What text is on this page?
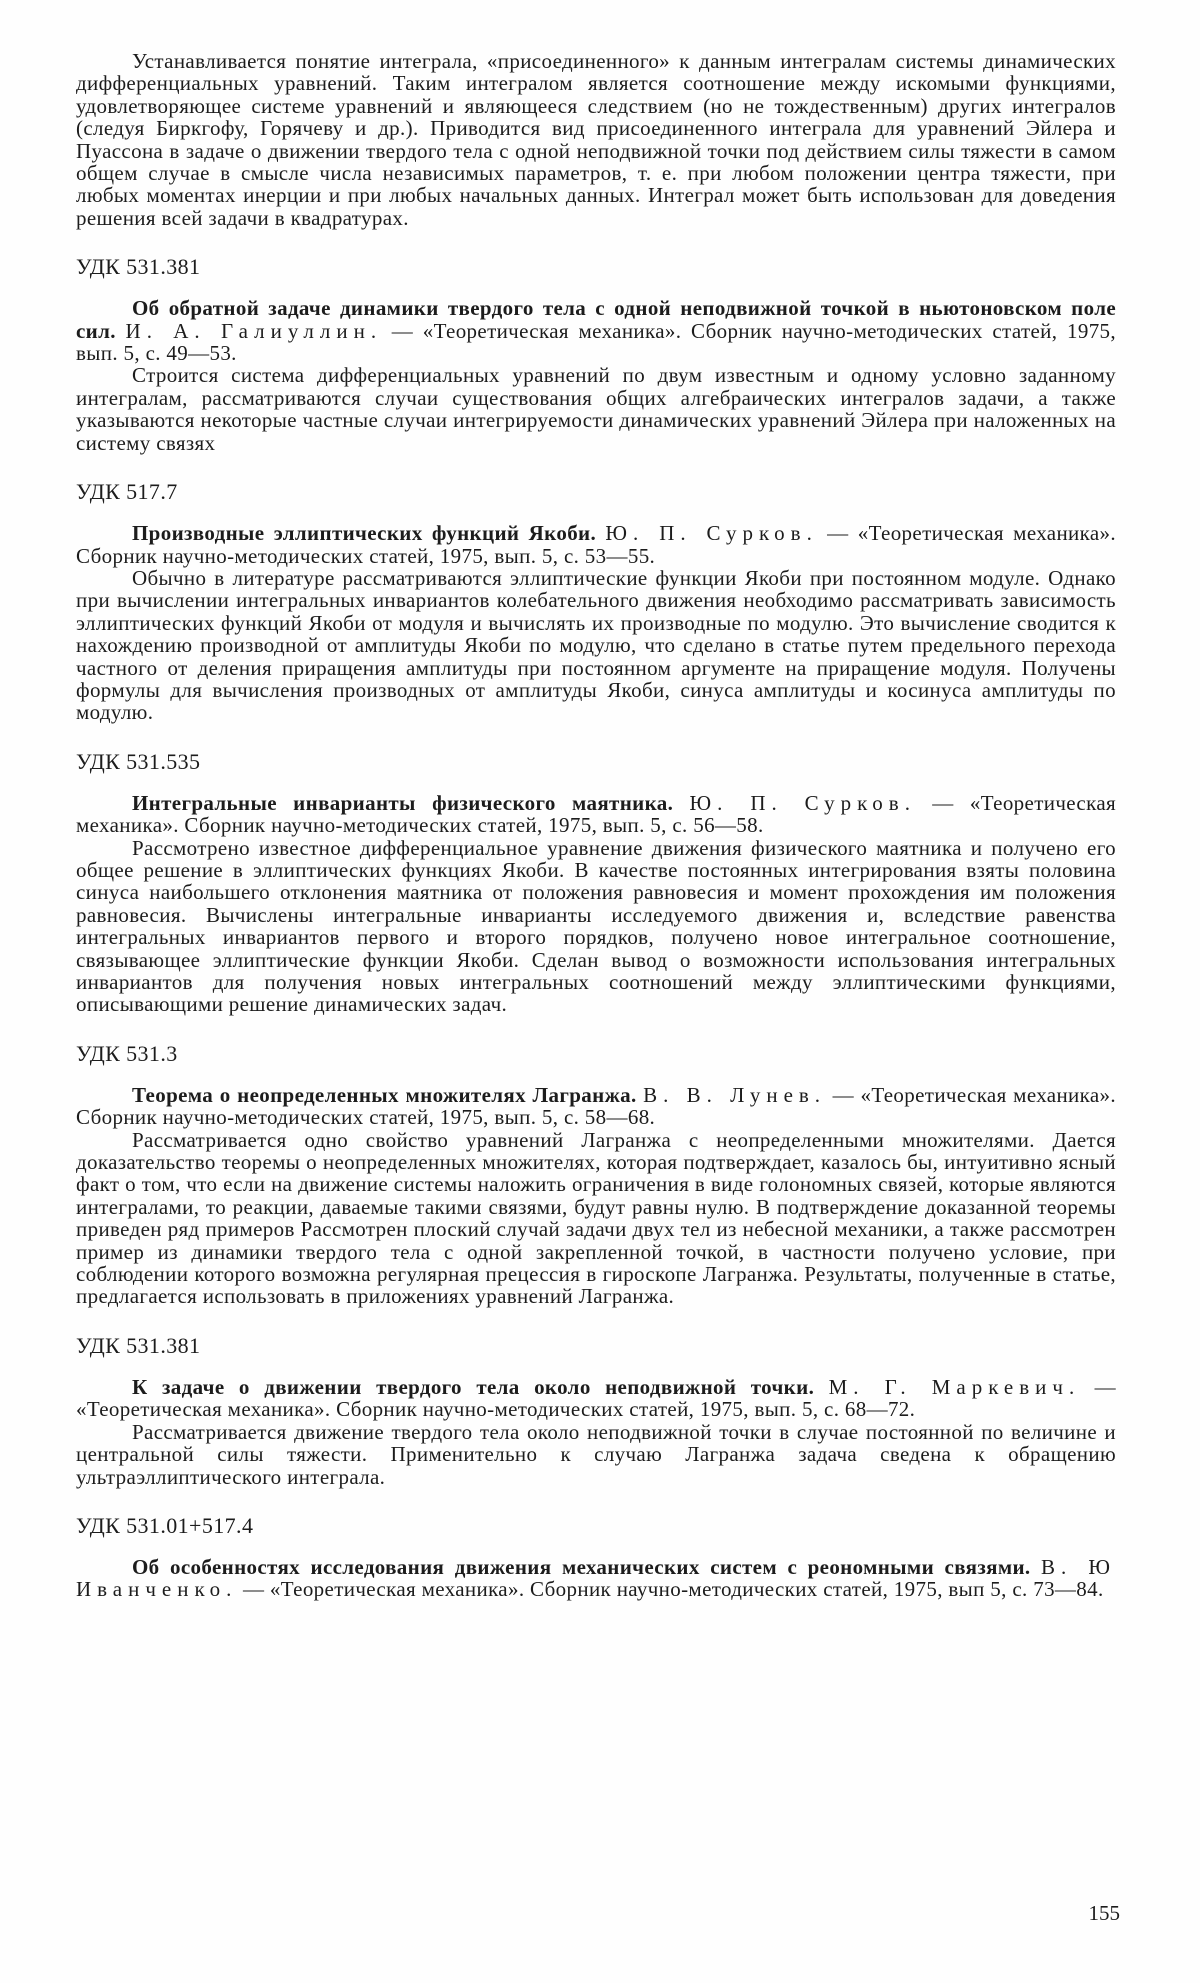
Устанавливается понятие интеграла, «присоединенного» к данным интегралам системы динамических дифференциальных уравнений. Таким интегралом является соотношение между искомыми функциями, удовлетворяющее системе уравнений и являющееся следствием (но не тождественным) других интегралов (следуя Биркгофу, Горячеву и др.). Приводится вид присоединенного интеграла для уравнений Эйлера и Пуассона в задаче о движении твердого тела с одной неподвижной точки под действием силы тяжести в самом общем случае в смысле числа независимых параметров, т. е. при любом положении центра тяжести, при любых моментах инерции и при любых начальных данных. Интеграл может быть использован для доведения решения всей задачи в квадратурах.

УДК 531.381

Об обратной задаче динамики твердого тела с одной неподвижной точкой в ньютоновском поле сил. И. А. Галиуллин. — «Теоретическая механика». Сборник научно-методических статей, 1975, вып. 5, с. 49—53.

Строится система дифференциальных уравнений по двум известным и одному условно заданному интегралам, рассматриваются случаи существования общих алгебраических интегралов задачи, а также указываются некоторые частные случаи интегрируемости динамических уравнений Эйлера при наложенных на систему связях

УДК 517.7

Производные эллиптических функций Якоби. Ю. П. Сурков. — «Теоретическая механика». Сборник научно-методических статей, 1975, вып. 5, с. 53—55.

Обычно в литературе рассматриваются эллиптические функции Якоби при постоянном модуле. Однако при вычислении интегральных инвариантов колебательного движения необходимо рассматривать зависимость эллиптических функций Якоби от модуля и вычислять их производные по модулю. Это вычисление сводится к нахождению производной от амплитуды Якоби по модулю, что сделано в статье путем предельного перехода частного от деления приращения амплитуды при постоянном аргументе на приращение модуля. Получены формулы для вычисления производных от амплитуды Якоби, синуса амплитуды и косинуса амплитуды по модулю.

УДК 531.535

Интегральные инварианты физического маятника. Ю. П. Сурков. — «Теоретическая механика». Сборник научно-методических статей, 1975, вып. 5, с. 56—58.

Рассмотрено известное дифференциальное уравнение движения физического маятника и получено его общее решение в эллиптических функциях Якоби. В качестве постоянных интегрирования взяты половина синуса наибольшего отклонения маятника от положения равновесия и момент прохождения им положения равновесия. Вычислены интегральные инварианты исследуемого движения и, вследствие равенства интегральных инвариантов первого и второго порядков, получено новое интегральное соотношение, связывающее эллиптические функции Якоби. Сделан вывод о возможности использования интегральных инвариантов для получения новых интегральных соотношений между эллиптическими функциями, описывающими решение динамических задач.

УДК 531.3

Теорема о неопределенных множителях Лагранжа. В. В. Лунев. — «Теоретическая механика». Сборник научно-методических статей, 1975, вып. 5, с. 58—68.

Рассматривается одно свойство уравнений Лагранжа с неопределенными множителями. Дается доказательство теоремы о неопределенных множителях, которая подтверждает, казалось бы, интуитивно ясный факт о том, что если на движение системы наложить ограничения в виде голономных связей, которые являются интегралами, то реакции, даваемые такими связями, будут равны нулю. В подтверждение доказанной теоремы приведен ряд примеров Рассмотрен плоский случай задачи двух тел из небесной механики, а также рассмотрен пример из динамики твердого тела с одной закрепленной точкой, в частности получено условие, при соблюдении которого возможна регулярная прецессия в гироскопе Лагранжа. Результаты, полученные в статье, предлагается использовать в приложениях уравнений Лагранжа.

УДК 531.381

К задаче о движении твердого тела около неподвижной точки. М. Г. Маркевич. — «Теоретическая механика». Сборник научно-методических статей, 1975, вып. 5, с. 68—72.

Рассматривается движение твердого тела около неподвижной точки в случае постоянной по величине и центральной силы тяжести. Применительно к случаю Лагранжа задача сведена к обращению ультраэллиптического интеграла.

УДК 531.01+517.4

Об особенностях исследования движения механических систем с реономными связями. В. Ю Иванченко. — «Теоретическая механика». Сборник научно-методических статей, 1975, вып 5, с. 73—84.

155
